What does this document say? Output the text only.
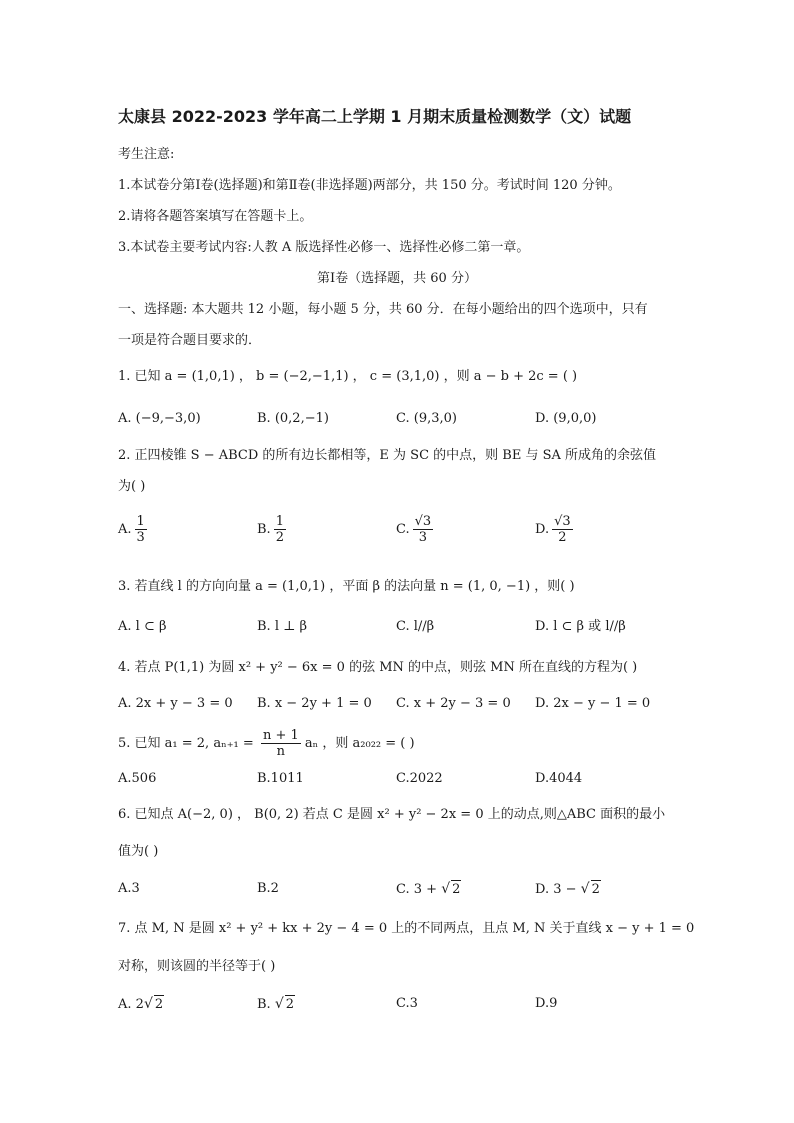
太康县 2022-2023 学年高二上学期 1 月期末质量检测数学（文）试题
考生注意:
1.本试卷分第Ⅰ卷(选择题)和第Ⅱ卷(非选择题)两部分，共 150 分。考试时间 120 分钟。
2.请将各题答案填写在答题卡上。
3.本试卷主要考试内容:人教 A 版选择性必修一、选择性必修二第一章。
第Ⅰ卷（选择题，共 60 分）
一、选择题: 本大题共 12 小题，每小题 5 分，共 60 分．在每小题给出的四个选项中，只有
一项是符合题目要求的．
1. 已知 a = (1,0,1) ， b = (−2,−1,1) ， c = (3,1,0) ，则 a − b + 2c = ( )
A. (−9,−3,0)	B. (0,2,−1)	C. (9,3,0)	D. (9,0,0)
2. 正四棱锥 S − ABCD 的所有边长都相等，E 为 SC 的中点，则 BE 与 SA 所成角的余弦值
为( )
A. $\frac{1}{3}$	B. $\frac{1}{2}$	C. $\frac{√3}{3}$	D. $\frac{√3}{2}$
3. 若直线 l 的方向向量 a = (1,0,1) ，平面 β 的法向量 n = (1, 0, −1) ，则( )
A. l ⊂ β	B. l ⊥ β	C. l//β	D. l ⊂ β 或 l//β
4. 若点 P(1,1) 为圆 x² + y² − 6x = 0 的弦 MN 的中点，则弦 MN 所在直线的方程为( )
A. 2x + y − 3 = 0 B. x − 2y + 1 = 0 C. x + 2y − 3 = 0 D. 2x − y − 1 = 0
5. 已知 a₁ = 2, $a_{n+1} = \frac{n + 1}{n}$ aₙ ，则 a₂₀₂₂ = ( )
A.506	B.1011	C.2022	D.4044
6. 已知点 A(−2, 0) ， B(0, 2) 若点 C 是圆 x² + y² − 2x = 0 上的动点,则△ABC 面积的最小
值为( )
A.3	B.2	C. 3 + √ 2	D. 3 − √ 2
7. 点 M, N 是圆 x² + y² + kx + 2y − 4 = 0 上的不同两点，且点 M, N 关于直线 x − y + 1 = 0
对称，则该圆的半径等于( )
A. 2√ 2	B. √ 2	C.3	D.9
